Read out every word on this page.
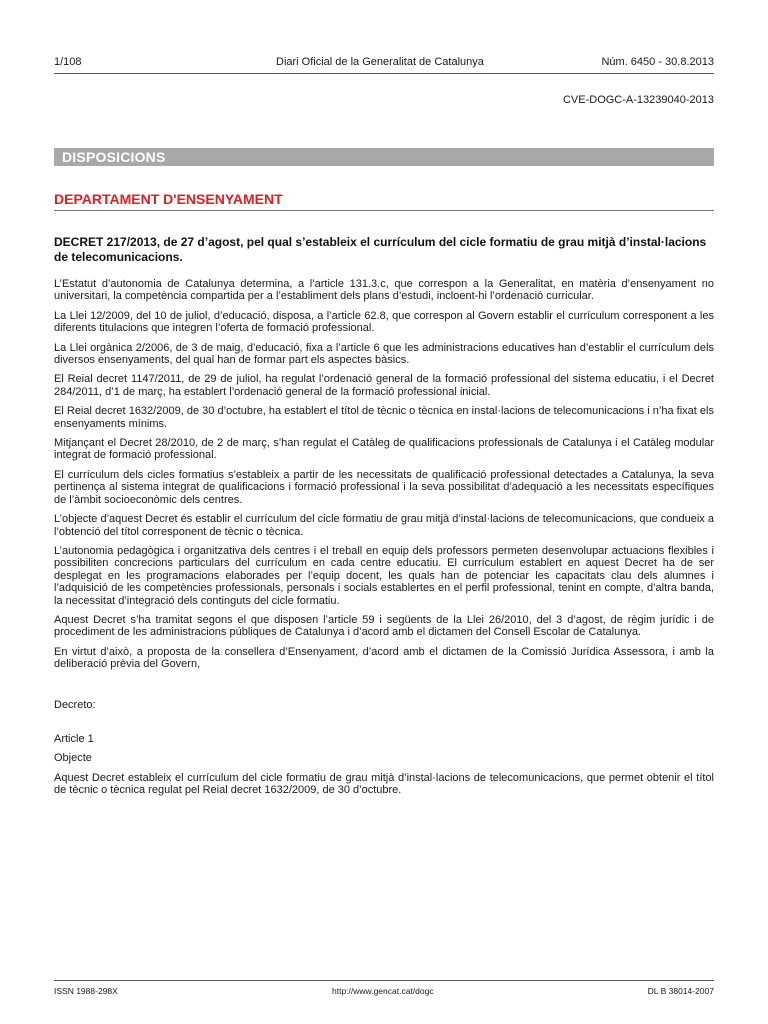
1/108	Diari Oficial de la Generalitat de Catalunya	Núm. 6450 - 30.8.2013
CVE-DOGC-A-13239040-2013
DISPOSICIONS
DEPARTAMENT D'ENSENYAMENT
DECRET 217/2013, de 27 d’agost, pel qual s’estableix el currículum del cicle formatiu de grau mitjà d’instal·lacions de telecomunicacions.

L’Estatut d’autonomia de Catalunya determina, a l’article 131.3.c, que correspon a la Generalitat, en matèria d’ensenyament no universitari, la competència compartida per a l’establiment dels plans d’estudi, incloent-hi l’ordenació curricular.

La Llei 12/2009, del 10 de juliol, d’educació, disposa, a l’article 62.8, que correspon al Govern establir el currículum corresponent a les diferents titulacions que integren l’oferta de formació professional.

La Llei orgànica 2/2006, de 3 de maig, d’educació, fixa a l’article 6 que les administracions educatives han d’establir el currículum dels diversos ensenyaments, del qual han de formar part els aspectes bàsics.

El Reial decret 1147/2011, de 29 de juliol, ha regulat l’ordenació general de la formació professional del sistema educatiu, i el Decret 284/2011, d’1 de març, ha establert l’ordenació general de la formació professional inicial.

El Reial decret 1632/2009, de 30 d’octubre, ha establert el títol de tècnic o tècnica en instal·lacions de telecomunicacions i n’ha fixat els ensenyaments mínims.

Mitjançant el Decret 28/2010, de 2 de març, s’han regulat el Catàleg de qualificacions professionals de Catalunya i el Catàleg modular integrat de formació professional.

El currículum dels cicles formatius s’estableix a partir de les necessitats de qualificació professional detectades a Catalunya, la seva pertinença al sistema integrat de qualificacions i formació professional i la seva possibilitat d’adequació a les necessitats específiques de l’àmbit socioeconòmic dels centres.

L’objecte d’aquest Decret és establir el currículum del cicle formatiu de grau mitjà d’instal·lacions de telecomunicacions, que condueix a l’obtenció del títol corresponent de tècnic o tècnica.

L’autonomia pedagògica i organitzativa dels centres i el treball en equip dels professors permeten desenvolupar actuacions flexibles i possibiliten concrecions particulars del currículum en cada centre educatiu. El currículum establert en aquest Decret ha de ser desplegat en les programacions elaborades per l’equip docent, les quals han de potenciar les capacitats clau dels alumnes i l’adquisició de les competències professionals, personals i socials establertes en el perfil professional, tenint en compte, d’altra banda, la necessitat d’integració dels continguts del cicle formatiu.

Aquest Decret s’ha tramitat segons el que disposen l’article 59 i següents de la Llei 26/2010, del 3 d’agost, de règim jurídic i de procediment de les administracions públiques de Catalunya i d’acord amb el dictamen del Consell Escolar de Catalunya.

En virtut d’això, a proposta de la consellera d’Ensenyament, d’acord amb el dictamen de la Comissió Jurídica Assessora, i amb la deliberació prèvia del Govern,

Decreto:

Article 1

Objecte

Aquest Decret estableix el currículum del cicle formatiu de grau mitjà d’instal·lacions de telecomunicacions, que permet obtenir el títol de tècnic o tècnica regulat pel Reial decret 1632/2009, de 30 d’octubre.

ISSN 1988-298X	http://www.gencat.cat/dogc	DL B 38014-2007
